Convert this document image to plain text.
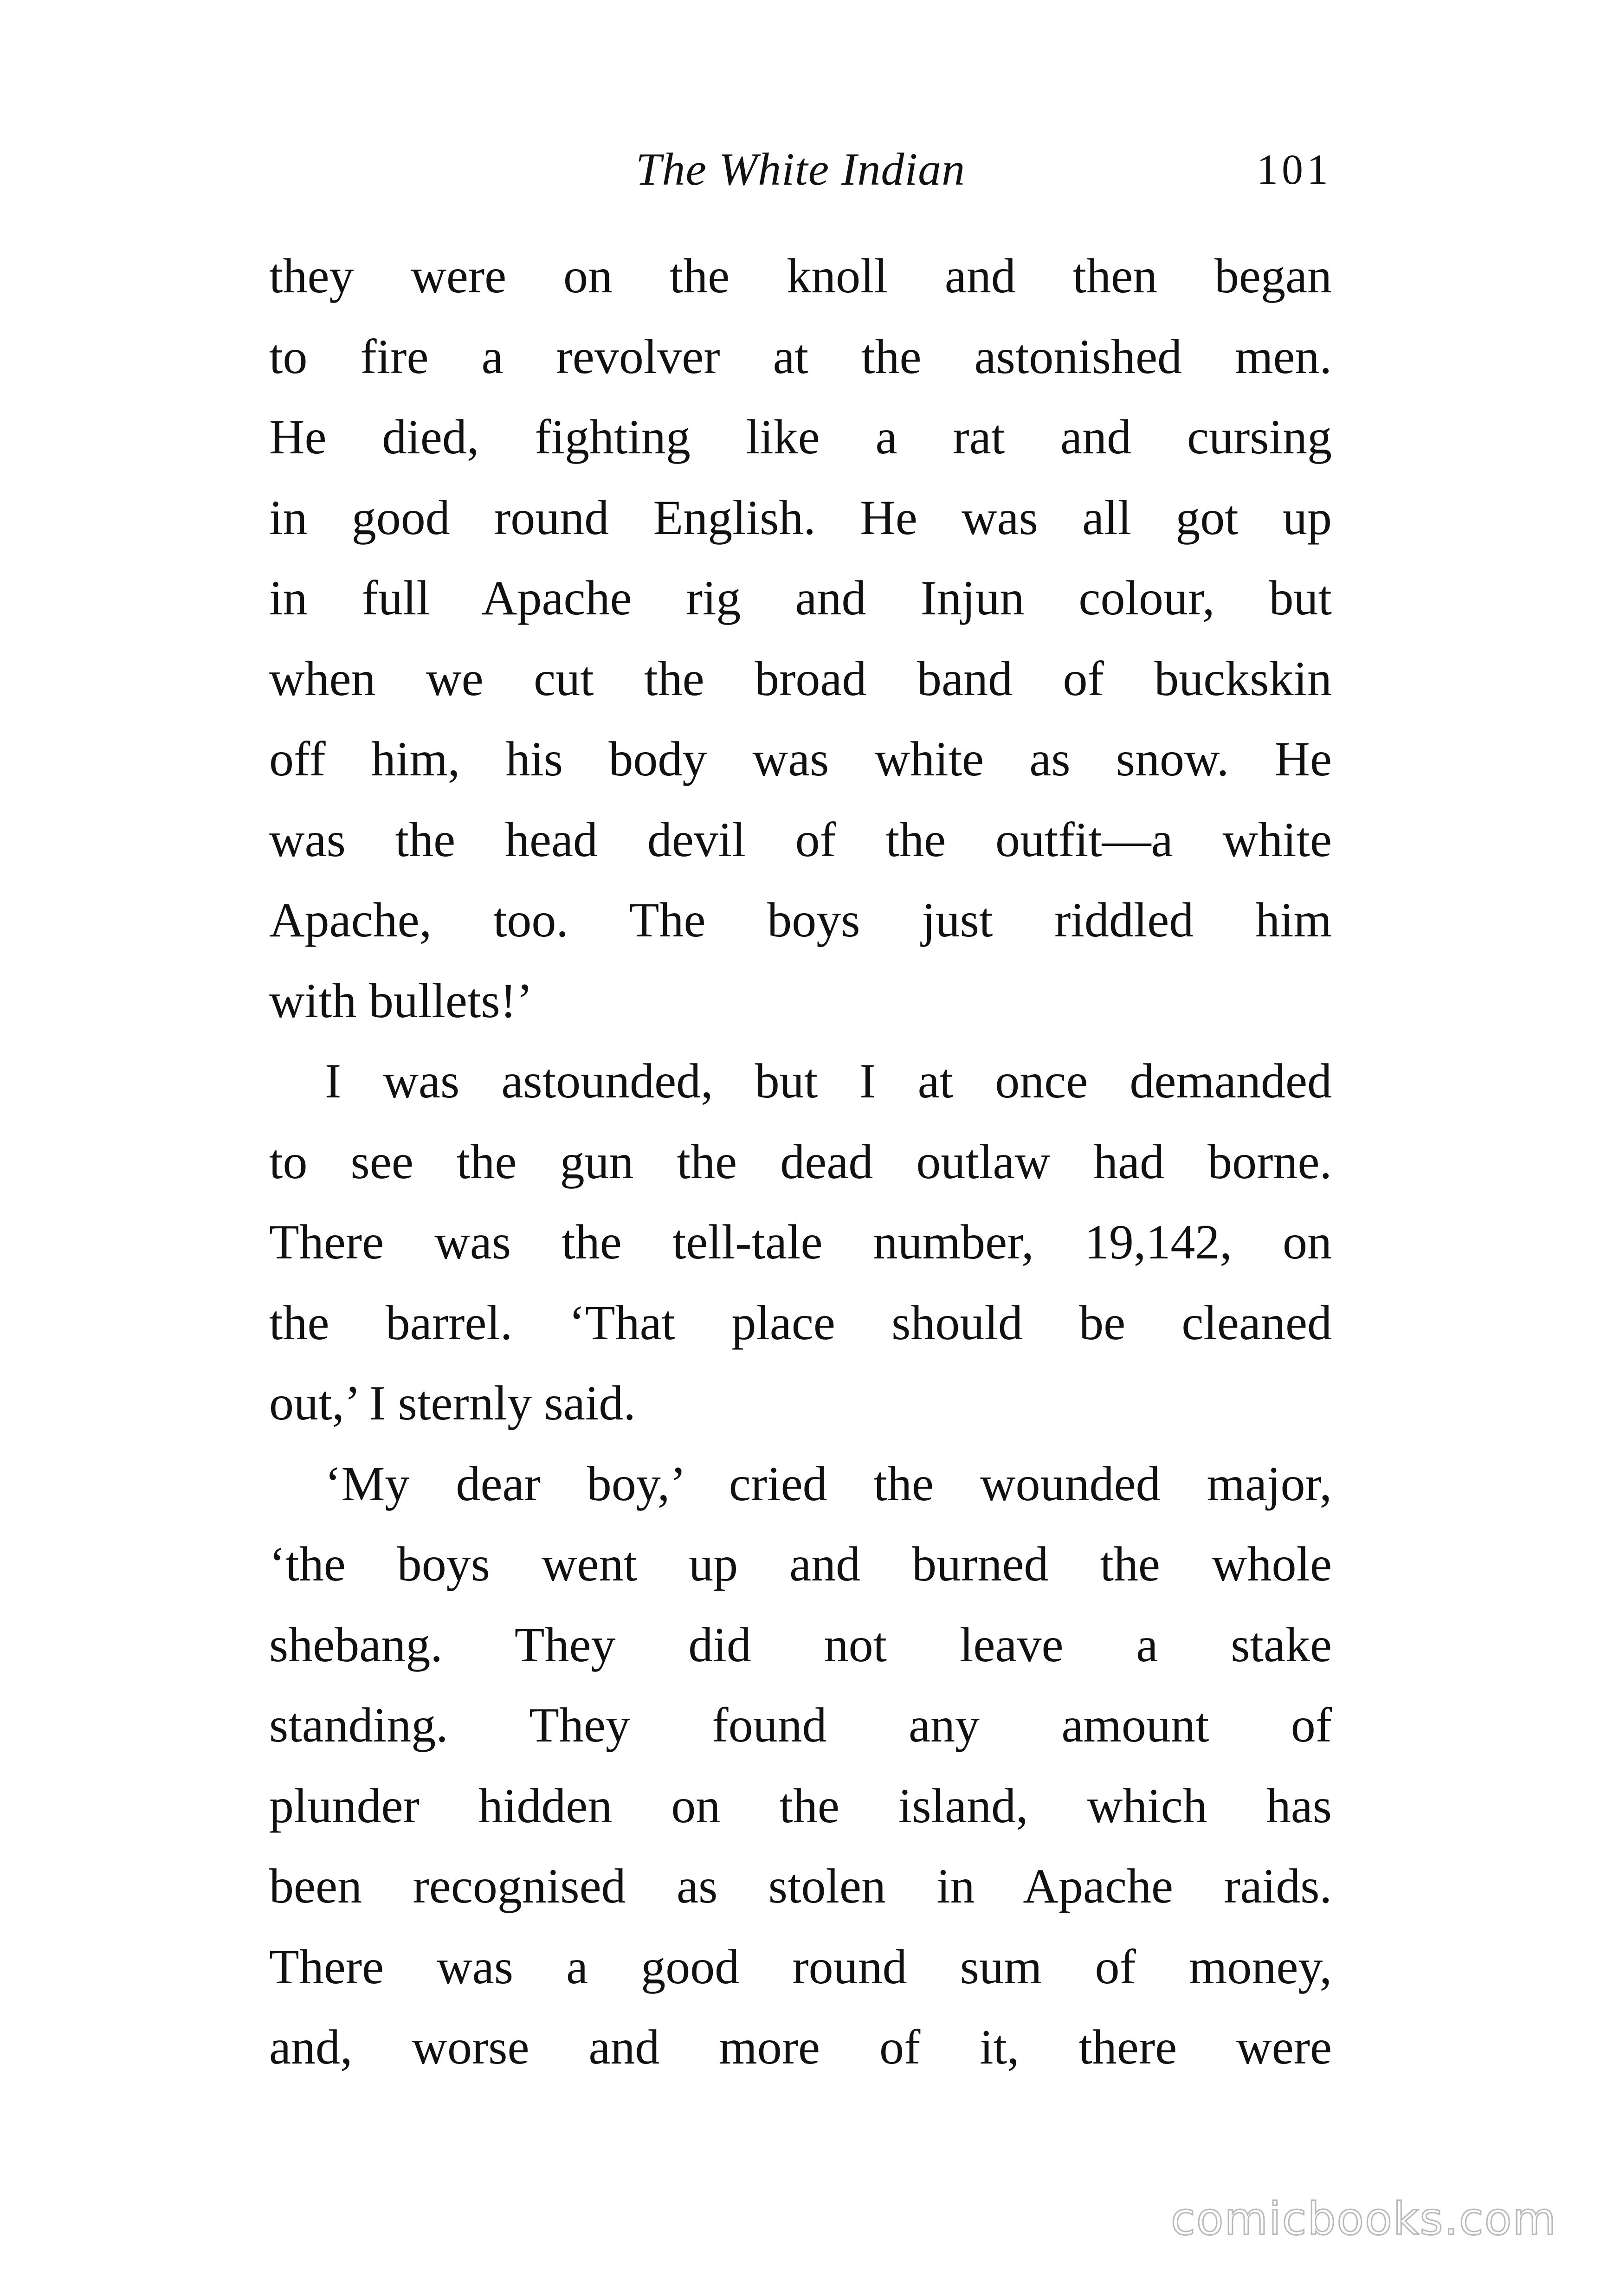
The White Indian	101
they were on the knoll and then began
to fire a revolver at the astonished men.
He died, fighting like a rat and cursing
in good round English. He was all got up
in full Apache rig and Injun colour, but
when we cut the broad band of buckskin
off him, his body was white as snow. He
was the head devil of the outfit—a white
Apache, too. The boys just riddled him
with bullets!’
I was astounded, but I at once demanded
to see the gun the dead outlaw had borne.
There was the tell-tale number, 19,142, on
the barrel. ‘That place should be cleaned
out,’ I sternly said.
‘My dear boy,’ cried the wounded major,
‘the boys went up and burned the whole
shebang. They did not leave a stake
standing. They found any amount of
plunder hidden on the island, which has
been recognised as stolen in Apache raids.
There was a good round sum of money,
and, worse and more of it, there were
comicbooks.com
